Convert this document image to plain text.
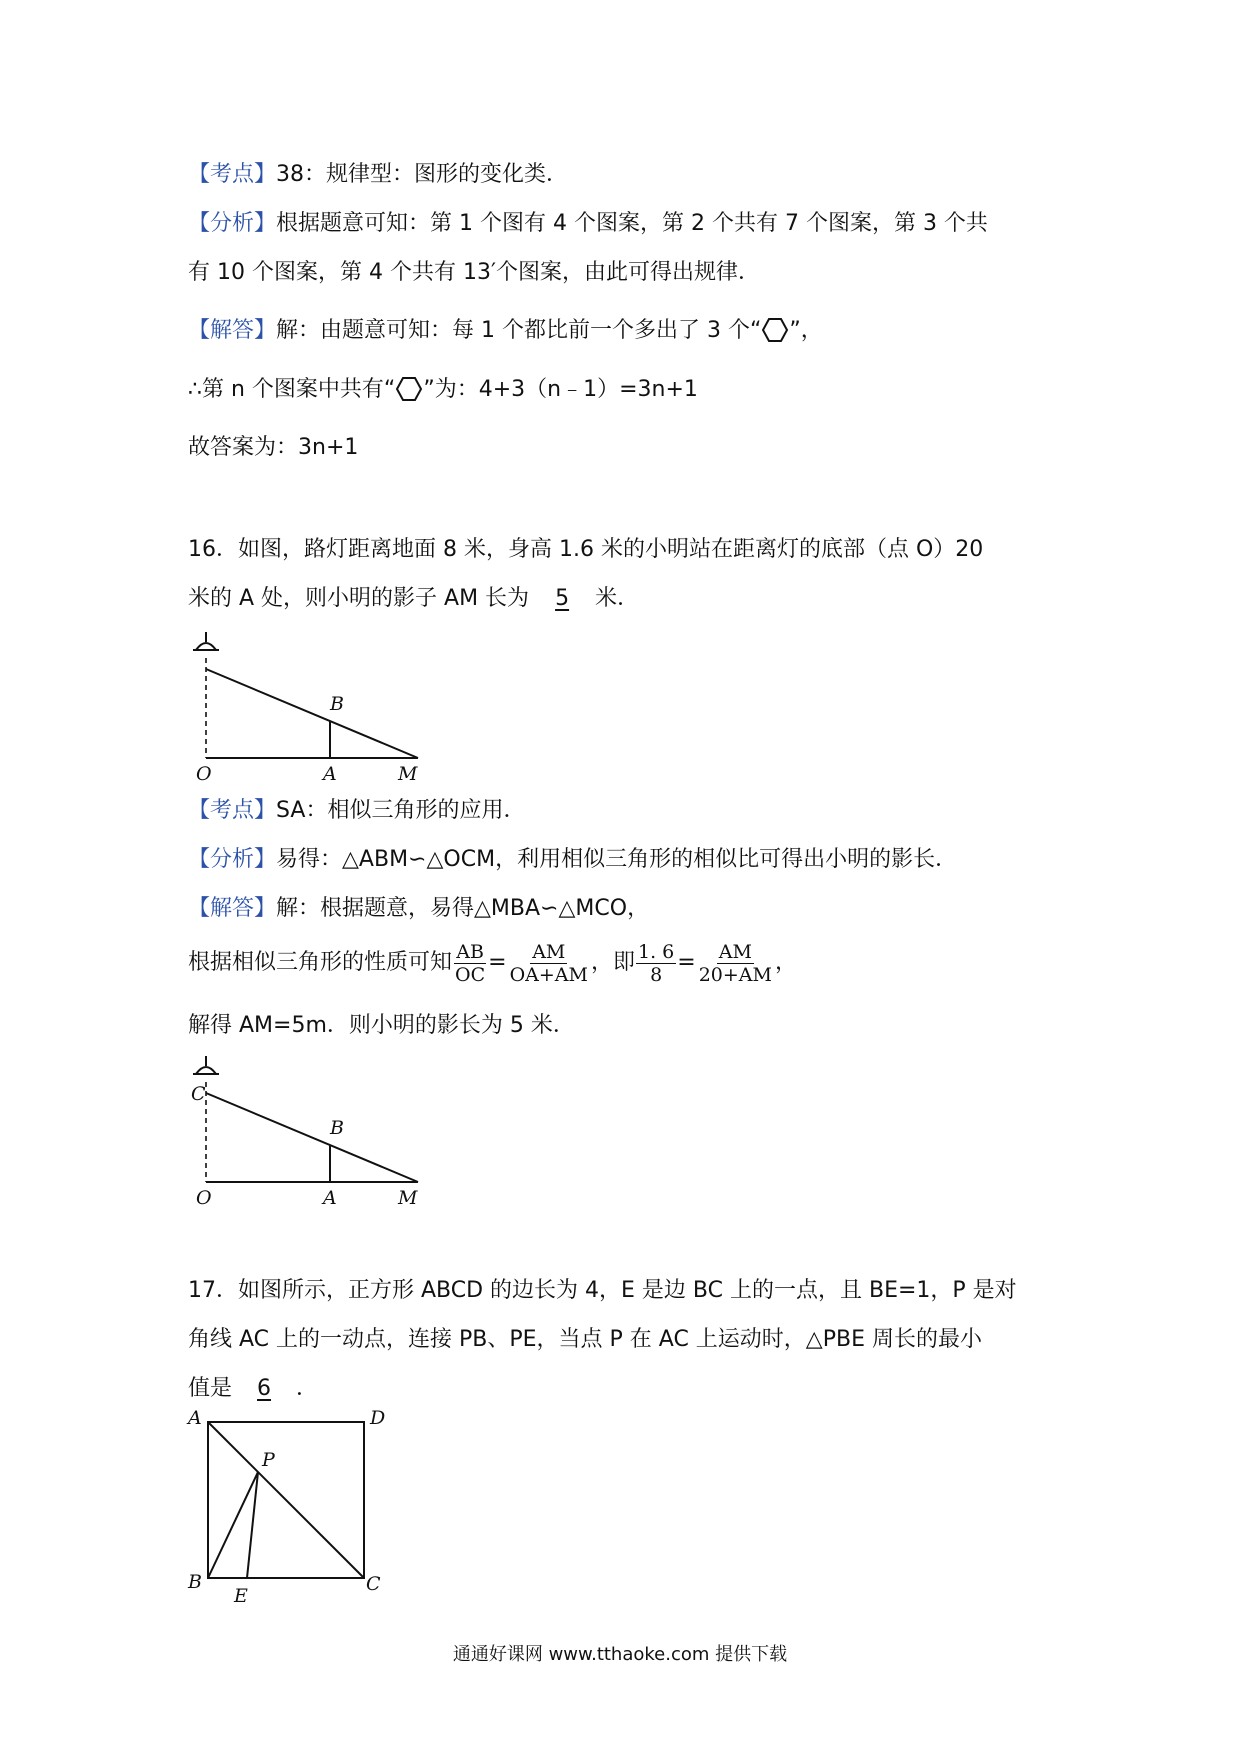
【考点】38：规律型：图形的变化类．
【分析】根据题意可知：第 1 个图有 4 个图案，第 2 个共有 7 个图案，第 3 个共
有 10 个图案，第 4 个共有 13′个图案，由此可得出规律．
【解答】解：由题意可知：每 1 个都比前一个多出了 3 个“ ”，
∴第 n 个图案中共有“ ”为：4+3（n﹣1）=3n+1
故答案为：3n+1
16．如图，路灯距离地面 8 米，身高 1.6 米的小明站在距离灯的底部（点 O）20
米的 A 处，则小明的影子 AM 长为 5 米．
B
O	A	M
【考点】SA：相似三角形的应用．
【分析】易得：△ABM∽△OCM，利用相似三角形的相似比可得出小明的影长．
【解答】解：根据题意，易得△MBA∽△MCO，
根据相似三角形的性质可知 $\frac{AB}{OC} = \frac{AM}{OA+AM}$ ，即 $\frac{1. 6}{8} = \frac{AM}{20+AM}$ ，
解得 AM=5m．则小明的影长为 5 米．
C
B
O	A	M
17．如图所示，正方形 ABCD 的边长为 4，E 是边 BC 上的一点，且 BE=1，P 是对
角线 AC 上的一动点，连接 PB、PE，当点 P 在 AC 上运动时，△PBE 周长的最小
值是 6 ．
A	D
P
B
E
C
通通好课网 www.tthaoke.com 提供下载
